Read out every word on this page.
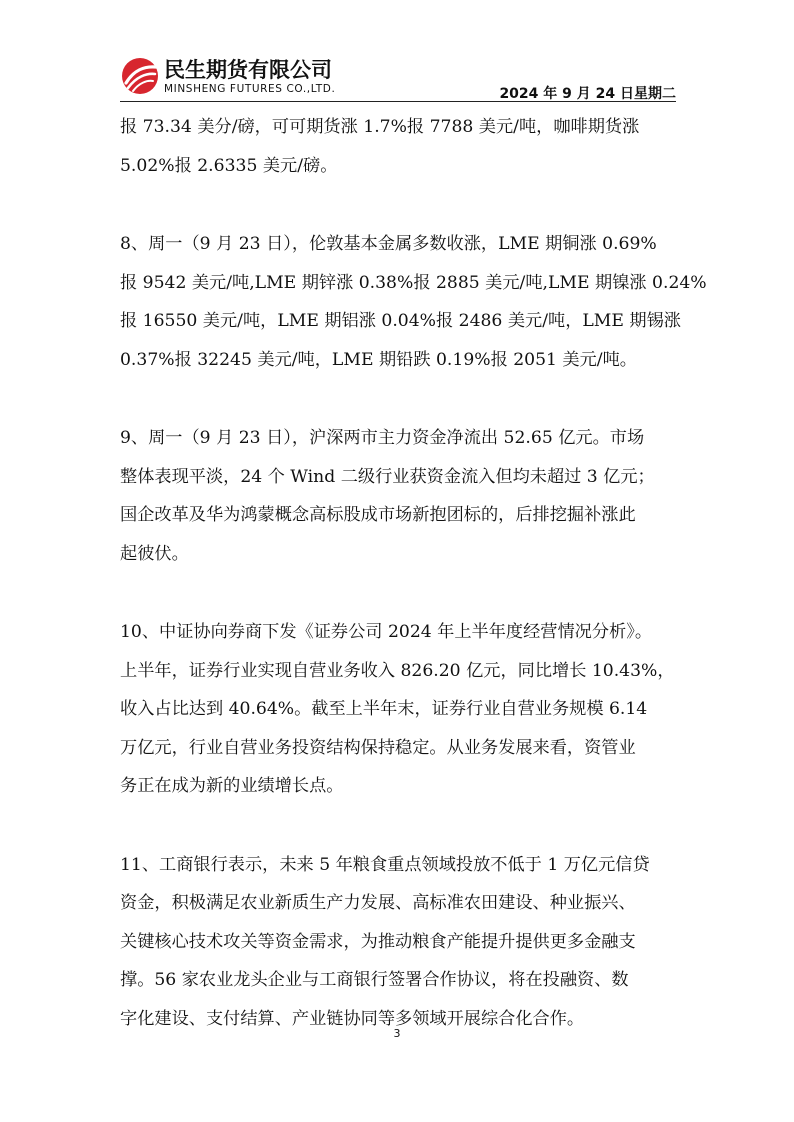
民生期货有限公司
MINSHENG FUTURES CO.,LTD.	2024 年 9 月 24 日星期二
报 73.34 美分/磅，可可期货涨 1.7%报 7788 美元/吨，咖啡期货涨
5.02%报 2.6335 美元/磅。
8、周一（9 月 23 日），伦敦基本金属多数收涨，LME 期铜涨 0.69%
报 9542 美元/吨,LME 期锌涨 0.38%报 2885 美元/吨,LME 期镍涨 0.24%
报 16550 美元/吨，LME 期铝涨 0.04%报 2486 美元/吨，LME 期锡涨
0.37%报 32245 美元/吨，LME 期铅跌 0.19%报 2051 美元/吨。
9、周一（9 月 23 日），沪深两市主力资金净流出 52.65 亿元。市场
整体表现平淡，24 个 Wind 二级行业获资金流入但均未超过 3 亿元；
国企改革及华为鸿蒙概念高标股成市场新抱团标的，后排挖掘补涨此
起彼伏。
10、中证协向券商下发《证券公司 2024 年上半年度经营情况分析》。
上半年，证券行业实现自营业务收入 826.20 亿元，同比增长 10.43%，
收入占比达到 40.64%。截至上半年末，证券行业自营业务规模 6.14
万亿元，行业自营业务投资结构保持稳定。从业务发展来看，资管业
务正在成为新的业绩增长点。
11、工商银行表示，未来 5 年粮食重点领域投放不低于 1 万亿元信贷
资金，积极满足农业新质生产力发展、高标准农田建设、种业振兴、
关键核心技术攻关等资金需求，为推动粮食产能提升提供更多金融支
撑。56 家农业龙头企业与工商银行签署合作协议，将在投融资、数
字化建设、支付结算、产业链协同等多领域开展综合化合作。
3
